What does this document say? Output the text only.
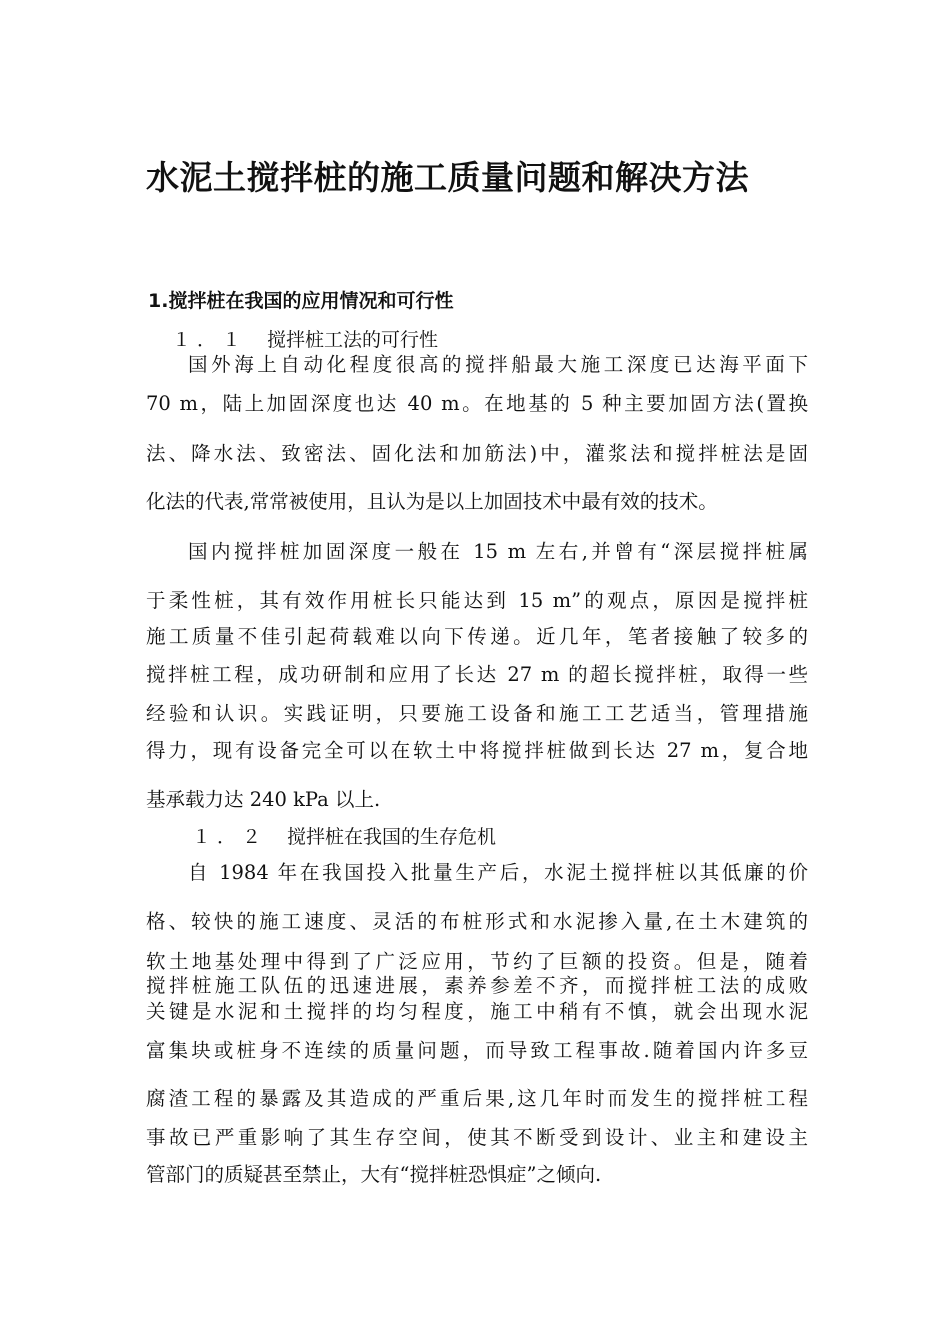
水泥土搅拌桩的施工质量问题和解决方法
1.搅拌桩在我国的应用情况和可行性
１．１ 搅拌桩工法的可行性
国外海上自动化程度很高的搅拌船最大施工深度已达海平面下
70 m，陆上加固深度也达 40 m。在地基的 5 种主要加固方法(置换
法、降水法、致密法、固化法和加筋法)中，灌浆法和搅拌桩法是固
化法的代表,常常被使用，且认为是以上加固技术中最有效的技术。
国内搅拌桩加固深度一般在 15 m 左右,并曾有“深层搅拌桩属
于柔性桩，其有效作用桩长只能达到 15 m”的观点，原因是搅拌桩
施工质量不佳引起荷载难以向下传递。近几年，笔者接触了较多的
搅拌桩工程，成功研制和应用了长达 27 m 的超长搅拌桩，取得一些
经验和认识。实践证明，只要施工设备和施工工艺适当，管理措施
得力，现有设备完全可以在软土中将搅拌桩做到长达 27 m，复合地
基承载力达 240 kPa 以上.
１．２ 搅拌桩在我国的生存危机
自 1984 年在我国投入批量生产后，水泥土搅拌桩以其低廉的价
格、较快的施工速度、灵活的布桩形式和水泥掺入量,在土木建筑的
软土地基处理中得到了广泛应用，节约了巨额的投资。但是，随着
搅拌桩施工队伍的迅速进展，素养参差不齐，而搅拌桩工法的成败
关键是水泥和土搅拌的均匀程度，施工中稍有不慎，就会出现水泥
富集块或桩身不连续的质量问题，而导致工程事故.随着国内许多豆
腐渣工程的暴露及其造成的严重后果,这几年时而发生的搅拌桩工程
事故已严重影响了其生存空间，使其不断受到设计、业主和建设主
管部门的质疑甚至禁止，大有“搅拌桩恐惧症”之倾向.
